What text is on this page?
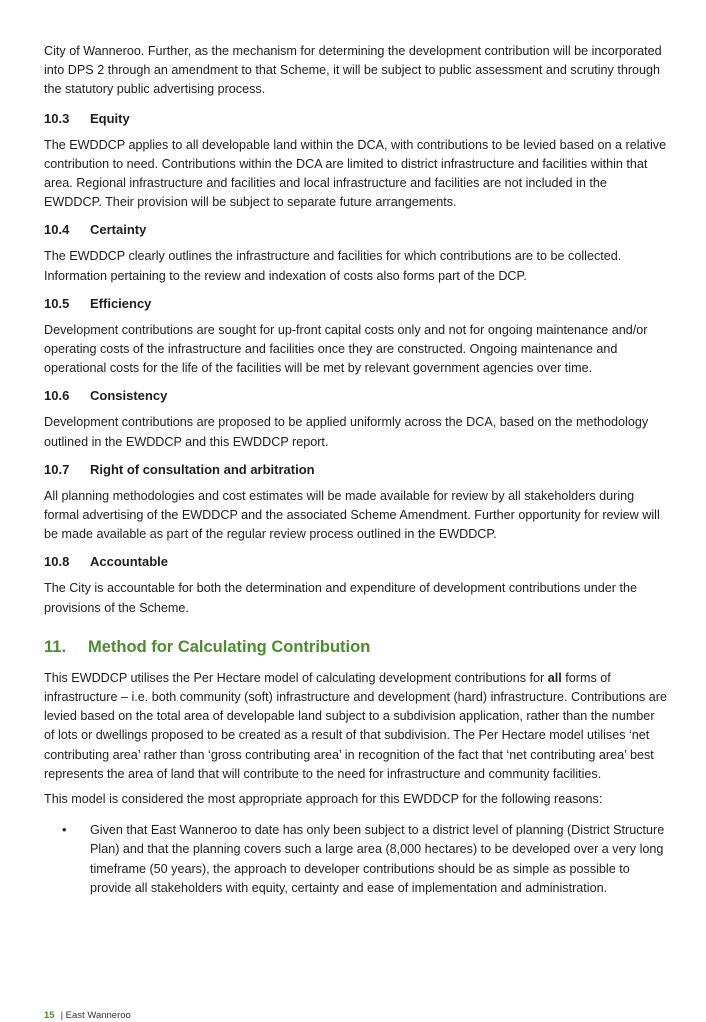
City of Wanneroo. Further, as the mechanism for determining the development contribution will be incorporated into DPS 2 through an amendment to that Scheme, it will be subject to public assessment and scrutiny through the statutory public advertising process.

10.3 Equity

The EWDDCP applies to all developable land within the DCA, with contributions to be levied based on a relative contribution to need. Contributions within the DCA are limited to district infrastructure and facilities within that area. Regional infrastructure and facilities and local infrastructure and facilities are not included in the EWDDCP. Their provision will be subject to separate future arrangements.

10.4 Certainty

The EWDDCP clearly outlines the infrastructure and facilities for which contributions are to be collected. Information pertaining to the review and indexation of costs also forms part of the DCP.

10.5 Efficiency

Development contributions are sought for up-front capital costs only and not for ongoing maintenance and/or operating costs of the infrastructure and facilities once they are constructed. Ongoing maintenance and operational costs for the life of the facilities will be met by relevant government agencies over time.

10.6 Consistency

Development contributions are proposed to be applied uniformly across the DCA, based on the methodology outlined in the EWDDCP and this EWDDCP report.

10.7 Right of consultation and arbitration

All planning methodologies and cost estimates will be made available for review by all stakeholders during formal advertising of the EWDDCP and the associated Scheme Amendment. Further opportunity for review will be made available as part of the regular review process outlined in the EWDDCP.

10.8 Accountable

The City is accountable for both the determination and expenditure of development contributions under the provisions of the Scheme.

11. Method for Calculating Contribution

This EWDDCP utilises the Per Hectare model of calculating development contributions for all forms of infrastructure – i.e. both community (soft) infrastructure and development (hard) infrastructure. Contributions are levied based on the total area of developable land subject to a subdivision application, rather than the number of lots or dwellings proposed to be created as a result of that subdivision. The Per Hectare model utilises ‘net contributing area’ rather than ‘gross contributing area’ in recognition of the fact that ‘net contributing area’ best represents the area of land that will contribute to the need for infrastructure and community facilities.

This model is considered the most appropriate approach for this EWDDCP for the following reasons:

• Given that East Wanneroo to date has only been subject to a district level of planning (District Structure Plan) and that the planning covers such a large area (8,000 hectares) to be developed over a very long timeframe (50 years), the approach to developer contributions should be as simple as possible to provide all stakeholders with equity, certainty and ease of implementation and administration.
15 | East Wanneroo
